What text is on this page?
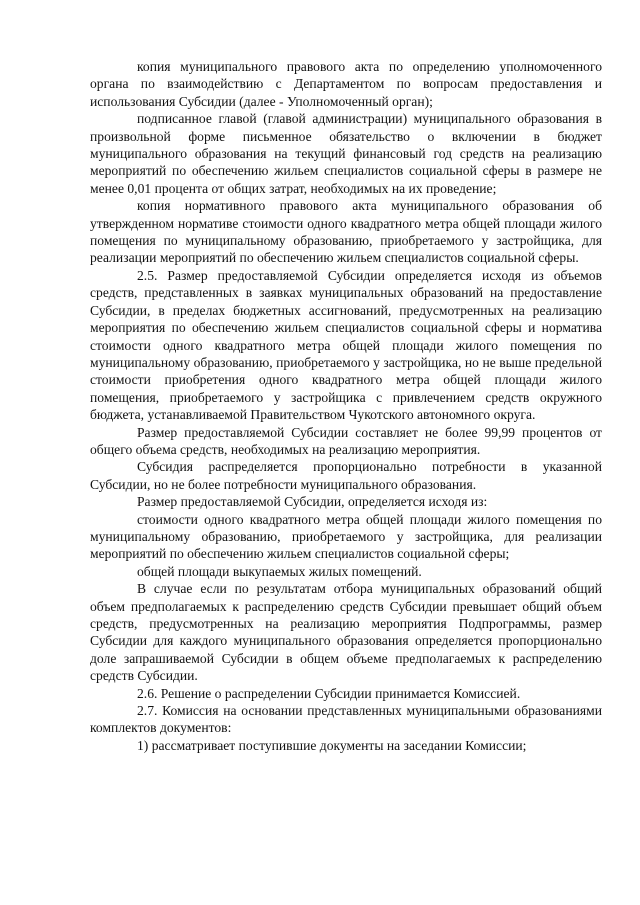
копия муниципального правового акта по определению уполномоченного органа по взаимодействию с Департаментом по вопросам предоставления и использования Субсидии (далее - Уполномоченный орган);

подписанное главой (главой администрации) муниципального образования в произвольной форме письменное обязательство о включении в бюджет муниципального образования на текущий финансовый год средств на реализацию мероприятий по обеспечению жильем специалистов социальной сферы в размере не менее 0,01 процента от общих затрат, необходимых на их проведение;

копия нормативного правового акта муниципального образования об утвержденном нормативе стоимости одного квадратного метра общей площади жилого помещения по муниципальному образованию, приобретаемого у застройщика, для реализации мероприятий по обеспечению жильем специалистов социальной сферы.

2.5. Размер предоставляемой Субсидии определяется исходя из объемов средств, представленных в заявках муниципальных образований на предоставление Субсидии, в пределах бюджетных ассигнований, предусмотренных на реализацию мероприятия по обеспечению жильем специалистов социальной сферы и норматива стоимости одного квадратного метра общей площади жилого помещения по муниципальному образованию, приобретаемого у застройщика, но не выше предельной стоимости приобретения одного квадратного метра общей площади жилого помещения, приобретаемого у застройщика с привлечением средств окружного бюджета, устанавливаемой Правительством Чукотского автономного округа.

Размер предоставляемой Субсидии составляет не более 99,99 процентов от общего объема средств, необходимых на реализацию мероприятия.

Субсидия распределяется пропорционально потребности в указанной Субсидии, но не более потребности муниципального образования.

Размер предоставляемой Субсидии, определяется исходя из:

стоимости одного квадратного метра общей площади жилого помещения по муниципальному образованию, приобретаемого у застройщика, для реализации мероприятий по обеспечению жильем специалистов социальной сферы;

общей площади выкупаемых жилых помещений.

В случае если по результатам отбора муниципальных образований общий объем предполагаемых к распределению средств Субсидии превышает общий объем средств, предусмотренных на реализацию мероприятия Подпрограммы, размер Субсидии для каждого муниципального образования определяется пропорционально доле запрашиваемой Субсидии в общем объеме предполагаемых к распределению средств Субсидии.

2.6. Решение о распределении Субсидии принимается Комиссией.

2.7. Комиссия на основании представленных муниципальными образованиями комплектов документов:

1) рассматривает поступившие документы на заседании Комиссии;
